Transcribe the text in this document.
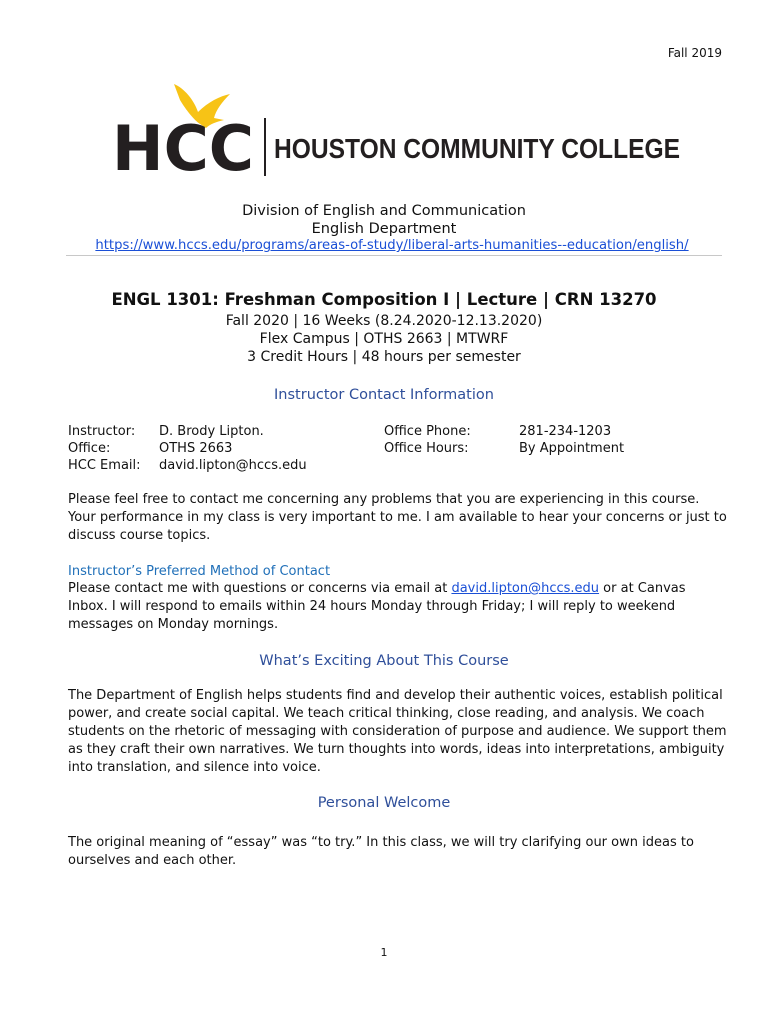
Fall 2019
HCC HOUSTON COMMUNITY COLLEGE
Division of English and Communication
English Department
https://www.hccs.edu/programs/areas-of-study/liberal-arts-humanities--education/english/
ENGL 1301: Freshman Composition I | Lecture | CRN 13270
Fall 2020 | 16 Weeks (8.24.2020-12.13.2020)
Flex Campus | OTHS 2663 | MTWRF
3 Credit Hours | 48 hours per semester
Instructor Contact Information
Instructor: D. Brody Lipton.	Office Phone:	281-234-1203
Office:	OTHS 2663	Office Hours:	By Appointment
HCC Email: david.lipton@hccs.edu
Please feel free to contact me concerning any problems that you are experiencing in this course. Your performance in my class is very important to me. I am available to hear your concerns or just to discuss course topics.
Instructor’s Preferred Method of Contact
Please contact me with questions or concerns via email at david.lipton@hccs.edu or at Canvas Inbox. I will respond to emails within 24 hours Monday through Friday; I will reply to weekend messages on Monday mornings.
What’s Exciting About This Course
The Department of English helps students find and develop their authentic voices, establish political power, and create social capital. We teach critical thinking, close reading, and analysis. We coach students on the rhetoric of messaging with consideration of purpose and audience. We support them as they craft their own narratives. We turn thoughts into words, ideas into interpretations, ambiguity into translation, and silence into voice.
Personal Welcome
The original meaning of “essay” was “to try.” In this class, we will try clarifying our own ideas to ourselves and each other.
1
